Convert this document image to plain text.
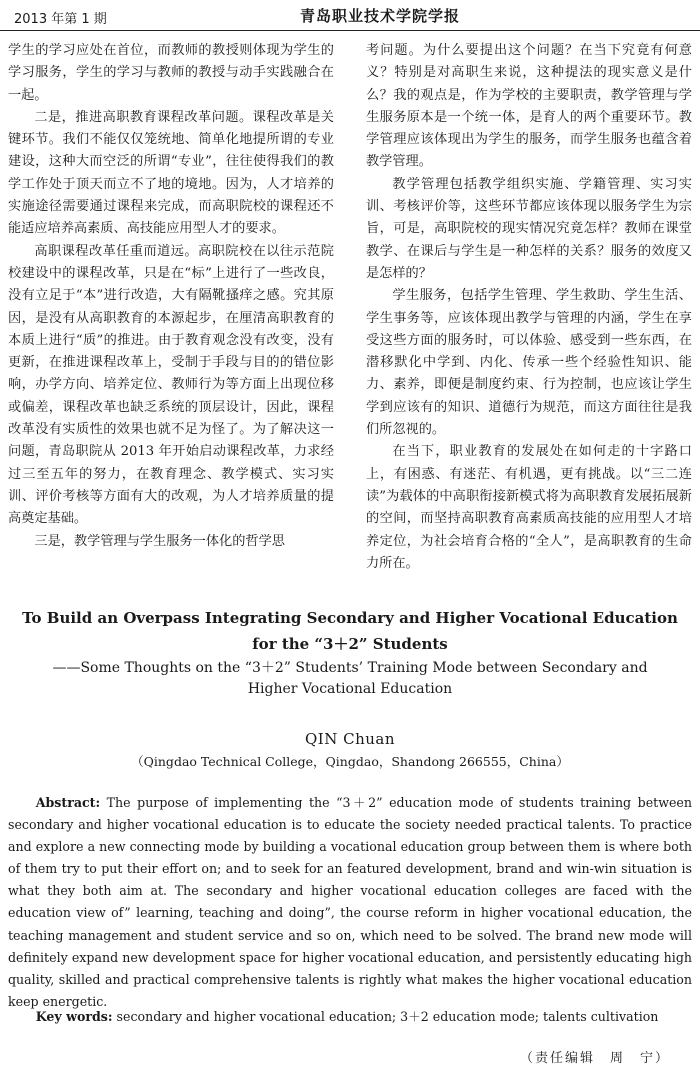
2013 年第 1 期	青岛职业技术学院学报

学生的学习应处在首位，而教师的教授则体现为学生的学习服务，学生的学习与教师的教授与动手实践融合在一起。

二是，推进高职教育课程改革问题。课程改革是关键环节。我们不能仅仅笼统地、简单化地提所谓的专业建设，这种大而空泛的所谓“专业”，往往使得我们的教学工作处于顶天而立不了地的境地。因为，人才培养的实施途径需要通过课程来完成，而高职院校的课程还不能适应培养高素质、高技能应用型人才的要求。

高职课程改革任重而道远。高职院校在以往示范院校建设中的课程改革，只是在“标”上进行了一些改良，没有立足于“本”进行改造，大有隔靴搔痒之感。究其原因，是没有从高职教育的本源起步，在厘清高职教育的本质上进行“质”的推进。由于教育观念没有改变，没有更新，在推进课程改革上，受制于手段与目的的错位影响，办学方向、培养定位、教师行为等方面上出现位移或偏差，课程改革也缺乏系统的顶层设计，因此，课程改革没有实质性的效果也就不足为怪了。为了解决这一问题，青岛职院从 2013 年开始启动课程改革，力求经过三至五年的努力，在教育理念、教学模式、实习实训、评价考核等方面有大的改观，为人才培养质量的提高奠定基础。

三是，教学管理与学生服务一体化的哲学思

考问题。为什么要提出这个问题？在当下究竟有何意义？特别是对高职生来说，这种提法的现实意义是什么？我的观点是，作为学校的主要职责，教学管理与学生服务原本是一个统一体，是育人的两个重要环节。教学管理应该体现出为学生的服务，而学生服务也蕴含着教学管理。

教学管理包括教学组织实施、学籍管理、实习实训、考核评价等，这些环节都应该体现以服务学生为宗旨，可是，高职院校的现实情况究竟怎样？教师在课堂教学、在课后与学生是一种怎样的关系？服务的效度又是怎样的？

学生服务，包括学生管理、学生救助、学生生活、学生事务等，应该体现出教学与管理的内涵，学生在享受这些方面的服务时，可以体验、感受到一些东西，在潜移默化中学到、内化、传承一些个经验性知识、能力、素养，即便是制度约束、行为控制，也应该让学生学到应该有的知识、道德行为规范，而这方面往往是我们所忽视的。

在当下，职业教育的发展处在如何走的十字路口上，有困惑、有迷茫、有机遇，更有挑战。以“三二连读”为载体的中高职衔接新模式将为高职教育发展拓展新的空间，而坚持高职教育高素质高技能的应用型人才培养定位，为社会培育合格的“全人”，是高职教育的生命力所在。

To Build an Overpass Integrating Secondary and Higher Vocational Education
for the “3＋2” Students
——Some Thoughts on the “3＋2” Students’ Training Mode between Secondary and
Higher Vocational Education
QIN Chuan
（Qingdao Technical College，Qingdao，Shandong 266555，China）

Abstract: The purpose of implementing the “3＋2” education mode of students training between secondary and higher vocational education is to educate the society needed practical talents. To practice and explore a new connecting mode by building a vocational education group between them is where both of them try to put their effort on; and to seek for an featured development, brand and win-win situation is what they both aim at. The secondary and higher vocational education colleges are faced with the education view of” learning, teaching and doing”, the course reform in higher vocational education, the teaching management and student service and so on, which need to be solved. The brand new mode will definitely expand new development space for higher vocational education, and persistently educating high quality, skilled and practical comprehensive talents is rightly what makes the higher vocational education keep energetic.

Key words: secondary and higher vocational education; 3＋2 education mode; talents cultivation
（责任编辑　周　宁）
